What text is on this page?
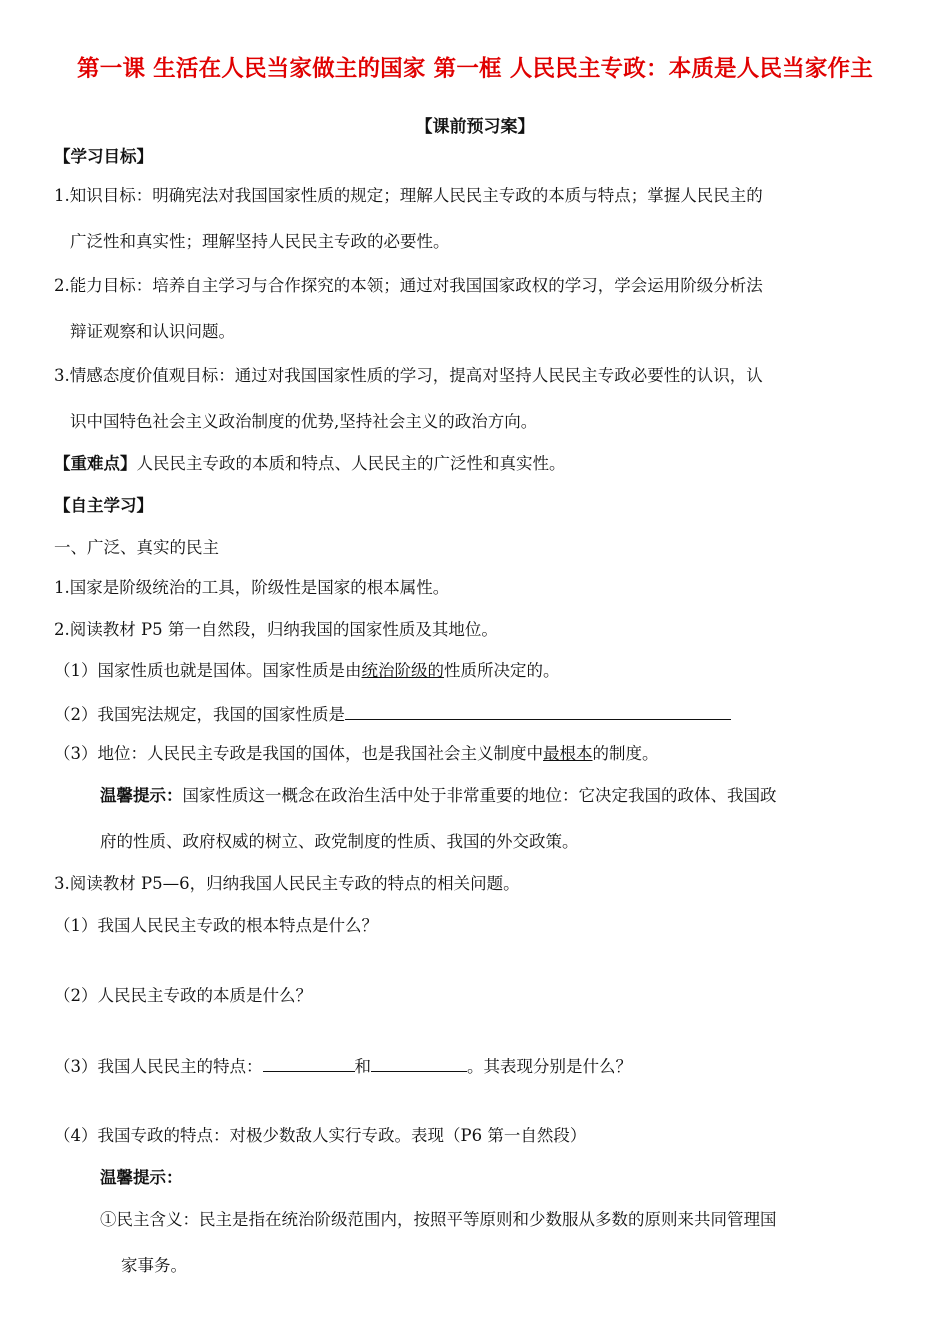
第一课 生活在人民当家做主的国家 第一框 人民民主专政：本质是人民当家作主
【课前预习案】
【学习目标】
1.知识目标：明确宪法对我国国家性质的规定；理解人民民主专政的本质与特点；掌握人民民主的
广泛性和真实性；理解坚持人民民主专政的必要性。
2.能力目标：培养自主学习与合作探究的本领；通过对我国国家政权的学习，学会运用阶级分析法
辩证观察和认识问题。
3.情感态度价值观目标：通过对我国国家性质的学习，提高对坚持人民民主专政必要性的认识，认
识中国特色社会主义政治制度的优势,坚持社会主义的政治方向。
【重难点】人民民主专政的本质和特点、人民民主的广泛性和真实性。
【自主学习】
一、广泛、真实的民主
1.国家是阶级统治的工具，阶级性是国家的根本属性。
2.阅读教材 P5 第一自然段，归纳我国的国家性质及其地位。
（1）国家性质也就是国体。国家性质是由统治阶级的性质所决定的。
（2）我国宪法规定，我国的国家性质是
（3）地位：人民民主专政是我国的国体，也是我国社会主义制度中最根本的制度。
温馨提示：国家性质这一概念在政治生活中处于非常重要的地位：它决定我国的政体、我国政
府的性质、政府权威的树立、政党制度的性质、我国的外交政策。
3.阅读教材 P5—6，归纳我国人民民主专政的特点的相关问题。
（1）我国人民民主专政的根本特点是什么？
（2）人民民主专政的本质是什么？
（3）我国人民民主的特点：	和	。其表现分别是什么？
（4）我国专政的特点：对极少数敌人实行专政。表现（P6 第一自然段）
温馨提示：
①民主含义：民主是指在统治阶级范围内，按照平等原则和少数服从多数的原则来共同管理国
家事务。
